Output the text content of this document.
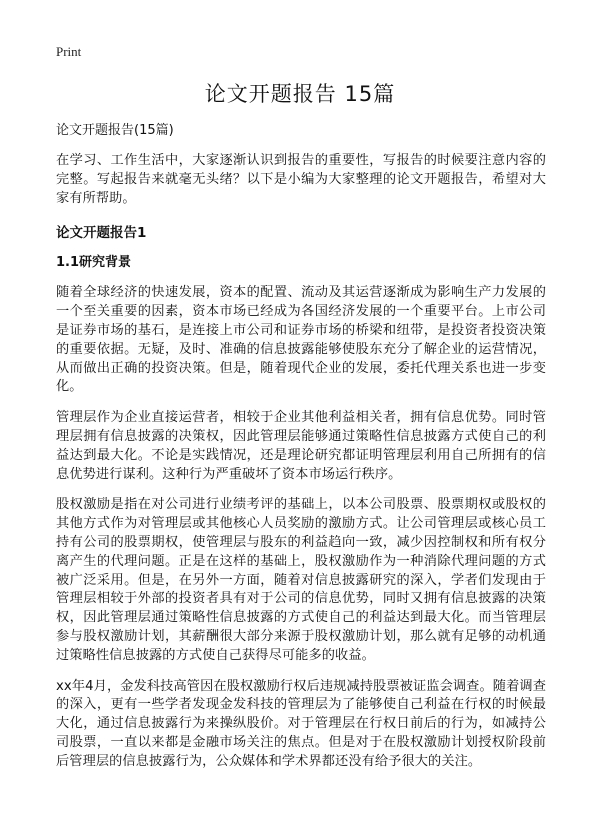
Print
论文开题报告 15篇
论文开题报告(15篇)

在学习、工作生活中，大家逐渐认识到报告的重要性，写报告的时候要注意内容的完整。写起报告来就毫无头绪？以下是小编为大家整理的论文开题报告，希望对大家有所帮助。

论文开题报告1
1.1研究背景

随着全球经济的快速发展，资本的配置、流动及其运营逐渐成为影响生产力发展的一个至关重要的因素，资本市场已经成为各国经济发展的一个重要平台。上市公司是证券市场的基石，是连接上市公司和证券市场的桥梁和纽带，是投资者投资决策的重要依据。无疑，及时、准确的信息披露能够使股东充分了解企业的运营情况，从而做出正确的投资决策。但是，随着现代企业的发展，委托代理关系也进一步变化。

管理层作为企业直接运营者，相较于企业其他利益相关者，拥有信息优势。同时管理层拥有信息披露的决策权，因此管理层能够通过策略性信息披露方式使自己的利益达到最大化。不论是实践情况，还是理论研究都证明管理层利用自己所拥有的信息优势进行谋利。这种行为严重破坏了资本市场运行秩序。

股权激励是指在对公司进行业绩考评的基础上，以本公司股票、股票期权或股权的其他方式作为对管理层或其他核心人员奖励的激励方式。让公司管理层或核心员工持有公司的股票期权，使管理层与股东的利益趋向一致，减少因控制权和所有权分离产生的代理问题。正是在这样的基础上，股权激励作为一种消除代理问题的方式被广泛采用。但是，在另外一方面，随着对信息披露研究的深入，学者们发现由于管理层相较于外部的投资者具有对于公司的信息优势，同时又拥有信息披露的决策权，因此管理层通过策略性信息披露的方式使自己的利益达到最大化。而当管理层参与股权激励计划，其薪酬很大部分来源于股权激励计划，那么就有足够的动机通过策略性信息披露的方式使自己获得尽可能多的收益。

xx年4月，金发科技高管因在股权激励行权后违规减持股票被证监会调查。随着调查的深入，更有一些学者发现金发科技的管理层为了能够使自己利益在行权的时候最大化，通过信息披露行为来操纵股价。对于管理层在行权日前后的行为，如减持公司股票，一直以来都是金融市场关注的焦点。但是对于在股权激励计划授权阶段前后管理层的信息披露行为，公众媒体和学术界都还没有给予很大的关注。
